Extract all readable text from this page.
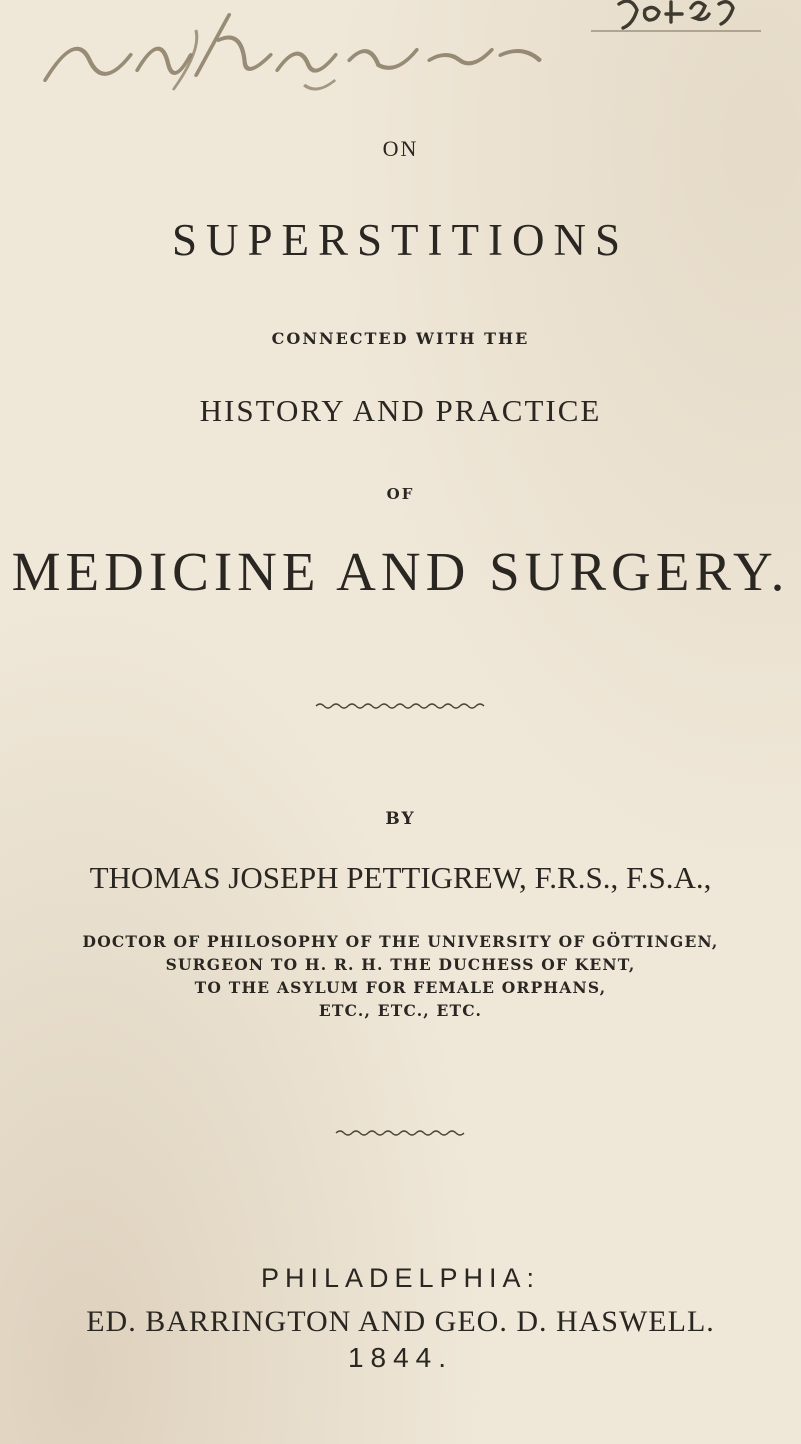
ON
SUPERSTITIONS
CONNECTED WITH THE
HISTORY AND PRACTICE
OF
MEDICINE AND SURGERY.
BY
THOMAS JOSEPH PETTIGREW, F.R.S., F.S.A.,
DOCTOR OF PHILOSOPHY OF THE UNIVERSITY OF GÖTTINGEN,
SURGEON TO H. R. H. THE DUCHESS OF KENT,
TO THE ASYLUM FOR FEMALE ORPHANS,
ETC., ETC., ETC.
PHILADELPHIA:
ED. BARRINGTON AND GEO. D. HASWELL.
1844.
